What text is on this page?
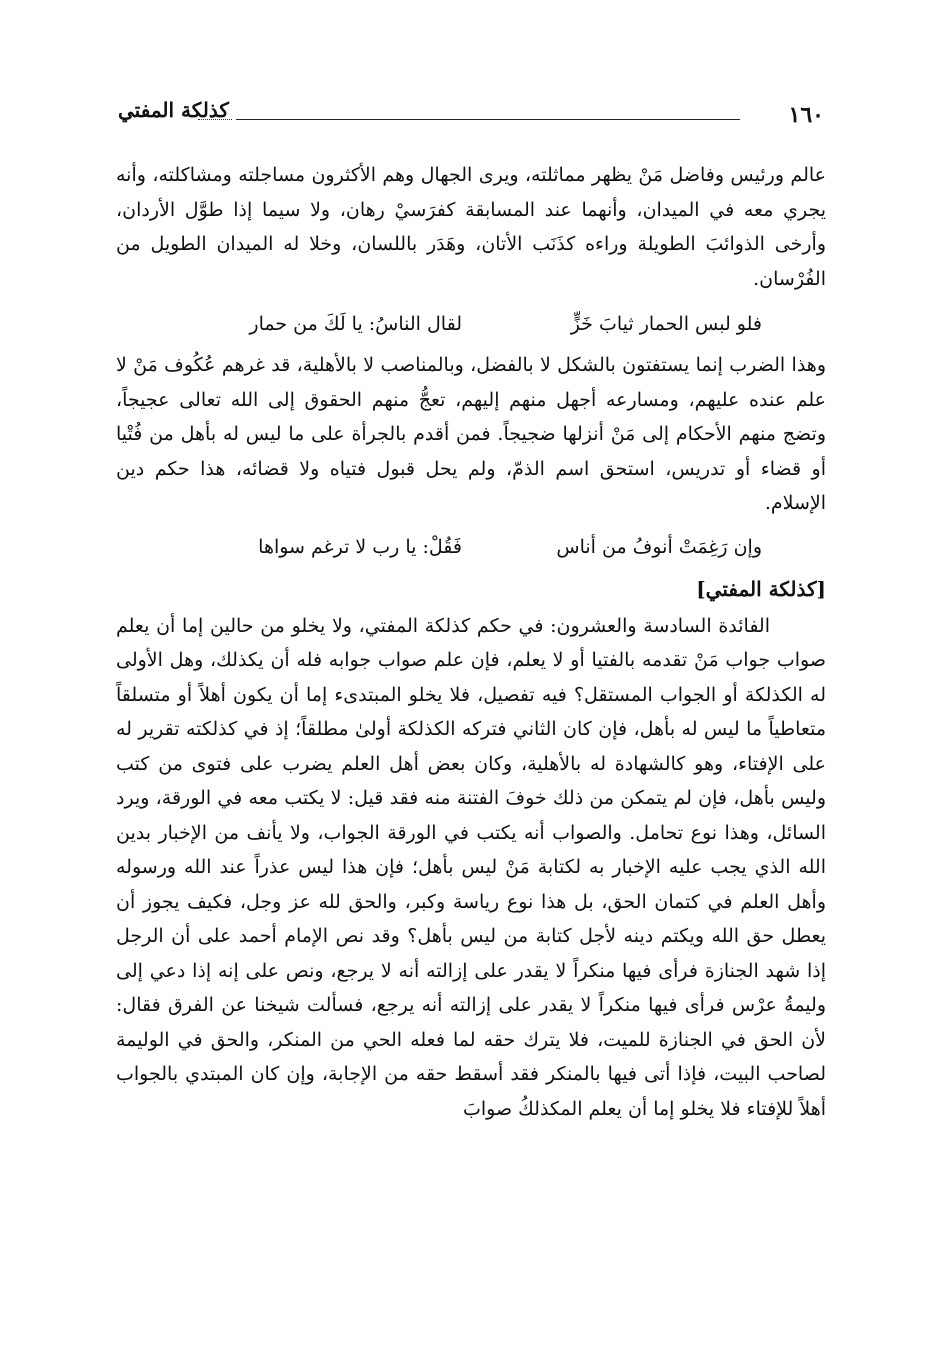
١٦٠
كذلكة المفتي

عالم ورئيس وفاضل مَنْ يظهر مماثلته، ويرى الجهال وهم الأكثرون مساجلته ومشاكلته، وأنه يجري معه في الميدان، وأنهما عند المسابقة كفرَسيْ رهان، ولا سيما إذا طوَّل الأردان، وأرخى الذوائبَ الطويلة وراءه كذَنَب الأتان، وهَدَر باللسان، وخلا له الميدان الطويل من الفُرْسان.

فلو لبس الحمار ثيابَ خَزٍّ
لقال الناسُ: يا لَكَ من حمار

وهذا الضرب إنما يستفتون بالشكل لا بالفضل، وبالمناصب لا بالأهلية، قد غرهم عُكُوف مَنْ لا علم عنده عليهم، ومسارعه أجهل منهم إليهم، تعجُّ منهم الحقوق إلى الله تعالى عجيجاً، وتضج منهم الأحكام إلى مَنْ أنزلها ضجيجاً. فمن أقدم بالجرأة على ما ليس له بأهل من فُتْيا أو قضاء أو تدريس، استحق اسم الذمّ، ولم يحل قبول فتياه ولا قضائه، هذا حكم دين الإسلام.

وإن رَغِمَتْ أنوفُ من أناس
فَقُلْ: يا رب لا ترغم سواها
[كذلكة المفتي]

الفائدة السادسة والعشرون: في حكم كذلكة المفتي، ولا يخلو من حالين إما أن يعلم صواب جواب مَنْ تقدمه بالفتيا أو لا يعلم، فإن علم صواب جوابه فله أن يكذلك، وهل الأولى له الكذلكة أو الجواب المستقل؟ فيه تفصيل، فلا يخلو المبتدىء إما أن يكون أهلاً أو متسلقاً متعاطياً ما ليس له بأهل، فإن كان الثاني فتركه الكذلكة أولىٰ مطلقاً؛ إذ في كذلكته تقرير له على الإفتاء، وهو كالشهادة له بالأهلية، وكان بعض أهل العلم يضرب على فتوى من كتب وليس بأهل، فإن لم يتمكن من ذلك خوفَ الفتنة منه فقد قيل: لا يكتب معه في الورقة، ويرد السائل، وهذا نوع تحامل. والصواب أنه يكتب في الورقة الجواب، ولا يأنف من الإخبار بدين الله الذي يجب عليه الإخبار به لكتابة مَنْ ليس بأهل؛ فإن هذا ليس عذراً عند الله ورسوله وأهل العلم في كتمان الحق، بل هذا نوع رياسة وكبر، والحق لله عز وجل، فكيف يجوز أن يعطل حق الله ويكتم دينه لأجل كتابة من ليس بأهل؟ وقد نص الإمام أحمد على أن الرجل إذا شهد الجنازة فرأى فيها منكراً لا يقدر على إزالته أنه لا يرجع، ونص على إنه إذا دعي إلى وليمةُ عرْس فرأى فيها منكراً لا يقدر على إزالته أنه يرجع، فسألت شيخنا عن الفرق فقال: لأن الحق في الجنازة للميت، فلا يترك حقه لما فعله الحي من المنكر، والحق في الوليمة لصاحب البيت، فإذا أتى فيها بالمنكر فقد أسقط حقه من الإجابة، وإن كان المبتدي بالجواب أهلاً للإفتاء فلا يخلو إما أن يعلم المكذلكُ صوابَ
